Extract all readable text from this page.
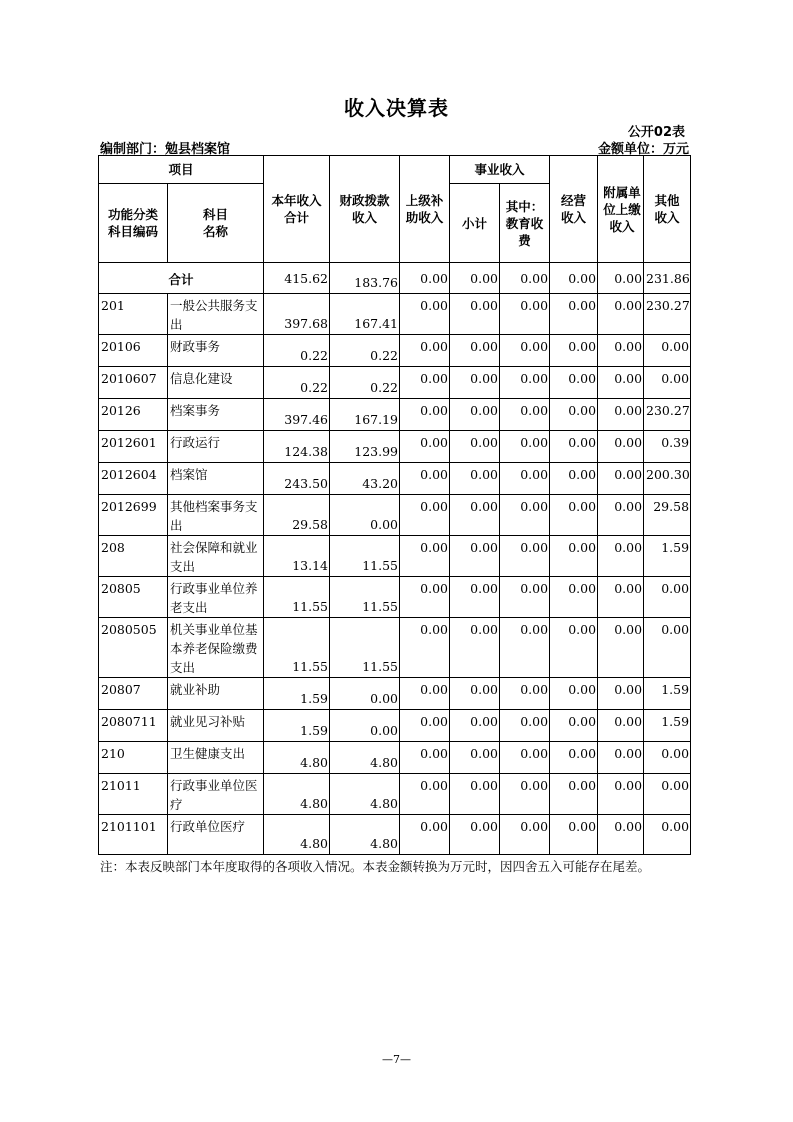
收入决算表
公开02表
编制部门：勉县档案馆	金额单位：万元
项目		本年收入合计	财政拨款收入	上级补助收入	事业收入		经营收入	附属单位上缴收入	其他收入

功能分类科目编码	科目名称				小计	其中：教育收费			

合计		415.62	183.76	0.00	0.00	0.00	0.00	0.00	231.86
201	一般公共服务支出	397.68	167.41	0.00	0.00	0.00	0.00	0.00	230.27
20106	财政事务	0.22	0.22	0.00	0.00	0.00	0.00	0.00	0.00
2010607	信息化建设	0.22	0.22	0.00	0.00	0.00	0.00	0.00	0.00
20126	档案事务	397.46	167.19	0.00	0.00	0.00	0.00	0.00	230.27
2012601	行政运行	124.38	123.99	0.00	0.00	0.00	0.00	0.00	0.39
2012604	档案馆	243.50	43.20	0.00	0.00	0.00	0.00	0.00	200.30
2012699	其他档案事务支出	29.58	0.00	0.00	0.00	0.00	0.00	0.00	29.58
208	社会保障和就业支出	13.14	11.55	0.00	0.00	0.00	0.00	0.00	1.59
20805	行政事业单位养老支出	11.55	11.55	0.00	0.00	0.00	0.00	0.00	0.00
2080505	机关事业单位基本养老保险缴费支出	11.55	11.55	0.00	0.00	0.00	0.00	0.00	0.00
20807	就业补助	1.59	0.00	0.00	0.00	0.00	0.00	0.00	1.59
2080711	就业见习补贴	1.59	0.00	0.00	0.00	0.00	0.00	0.00	1.59
210	卫生健康支出	4.80	4.80	0.00	0.00	0.00	0.00	0.00	0.00
21011	行政事业单位医疗	4.80	4.80	0.00	0.00	0.00	0.00	0.00	0.00
2101101	行政单位医疗	4.80	4.80	0.00	0.00	0.00	0.00	0.00	0.00
注：本表反映部门本年度取得的各项收入情况。本表金额转换为万元时，因四舍五入可能存在尾差。
—7—
